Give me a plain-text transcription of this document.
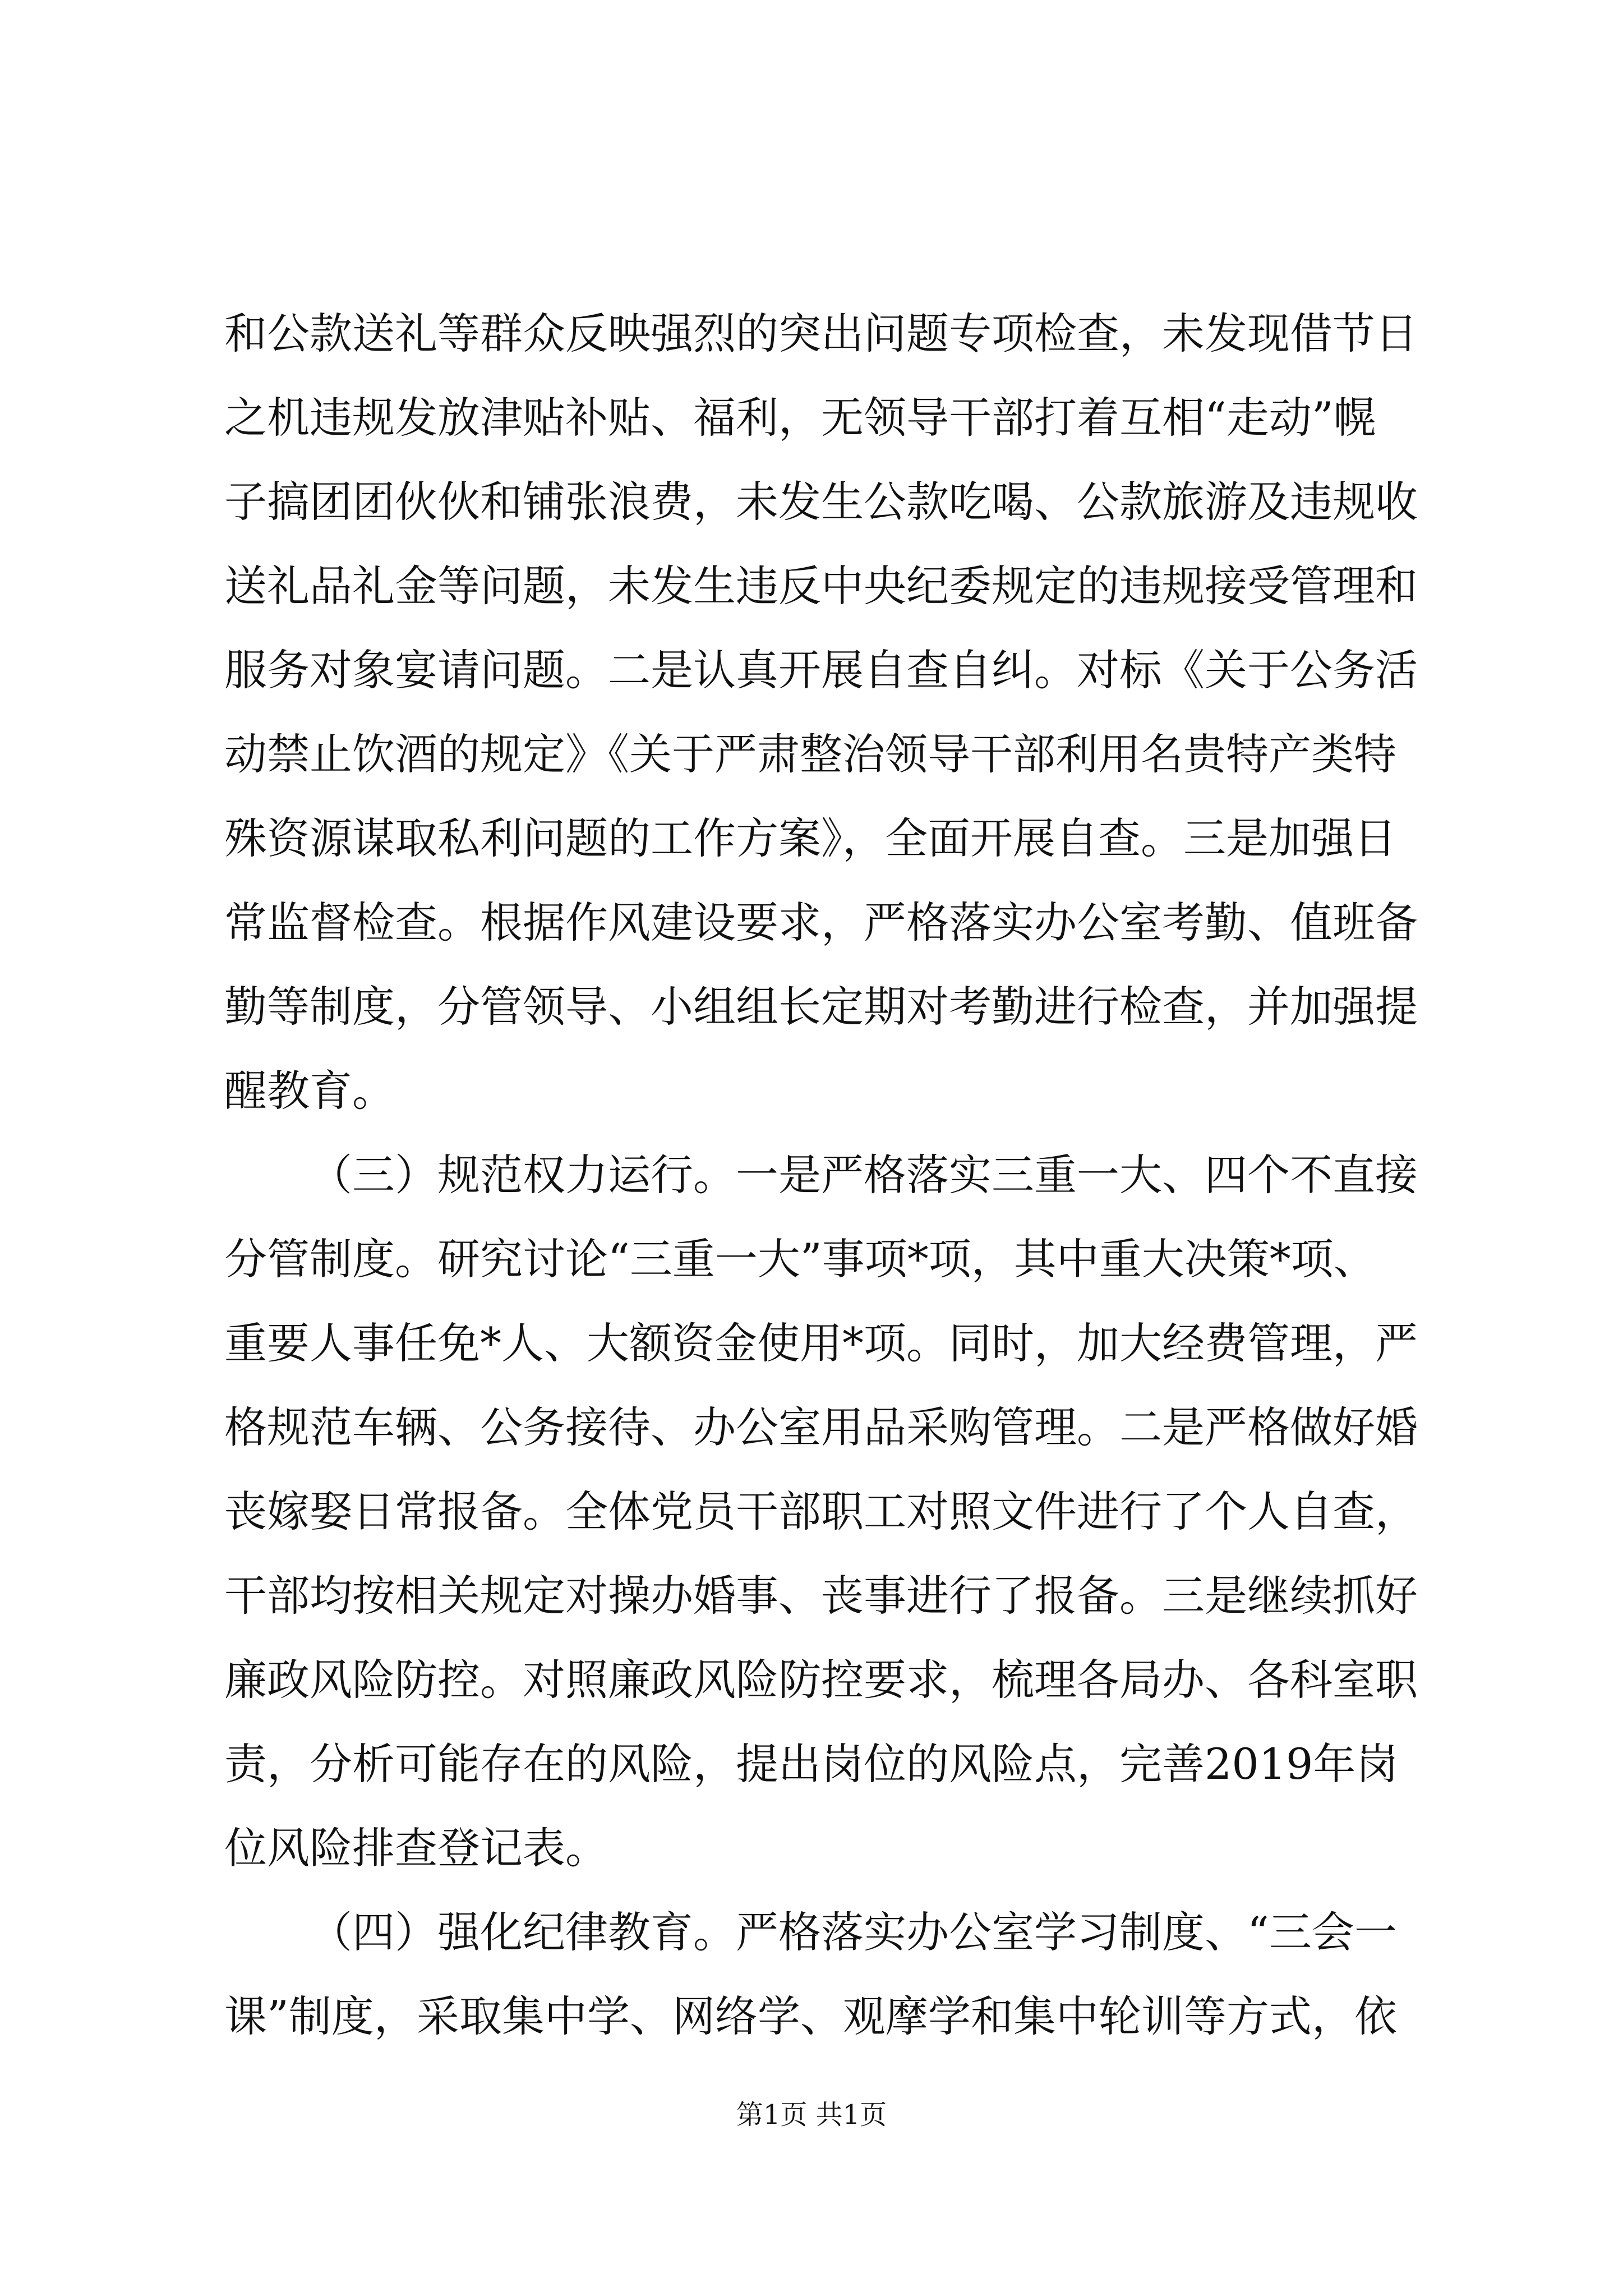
和公款送礼等群众反映强烈的突出问题专项检查，未发现借节日

之机违规发放津贴补贴、福利，无领导干部打着互相“走动”幌

子搞团团伙伙和铺张浪费，未发生公款吃喝、公款旅游及违规收

送礼品礼金等问题，未发生违反中央纪委规定的违规接受管理和

服务对象宴请问题。二是认真开展自查自纠。对标《关于公务活

动禁止饮酒的规定》《关于严肃整治领导干部利用名贵特产类特

殊资源谋取私利问题的工作方案》，全面开展自查。三是加强日

常监督检查。根据作风建设要求，严格落实办公室考勤、值班备

勤等制度，分管领导、小组组长定期对考勤进行检查，并加强提

醒教育。

（三）规范权力运行。一是严格落实三重一大、四个不直接

分管制度。研究讨论“三重一大”事项*项，其中重大决策*项、

重要人事任免*人、大额资金使用*项。同时，加大经费管理，严

格规范车辆、公务接待、办公室用品采购管理。二是严格做好婚

丧嫁娶日常报备。全体党员干部职工对照文件进行了个人自查，

干部均按相关规定对操办婚事、丧事进行了报备。三是继续抓好

廉政风险防控。对照廉政风险防控要求，梳理各局办、各科室职

责，分析可能存在的风险，提出岗位的风险点，完善2019年岗

位风险排查登记表。

（四）强化纪律教育。严格落实办公室学习制度、“三会一

课”制度，采取集中学、网络学、观摩学和集中轮训等方式，依

第1页 共1页
